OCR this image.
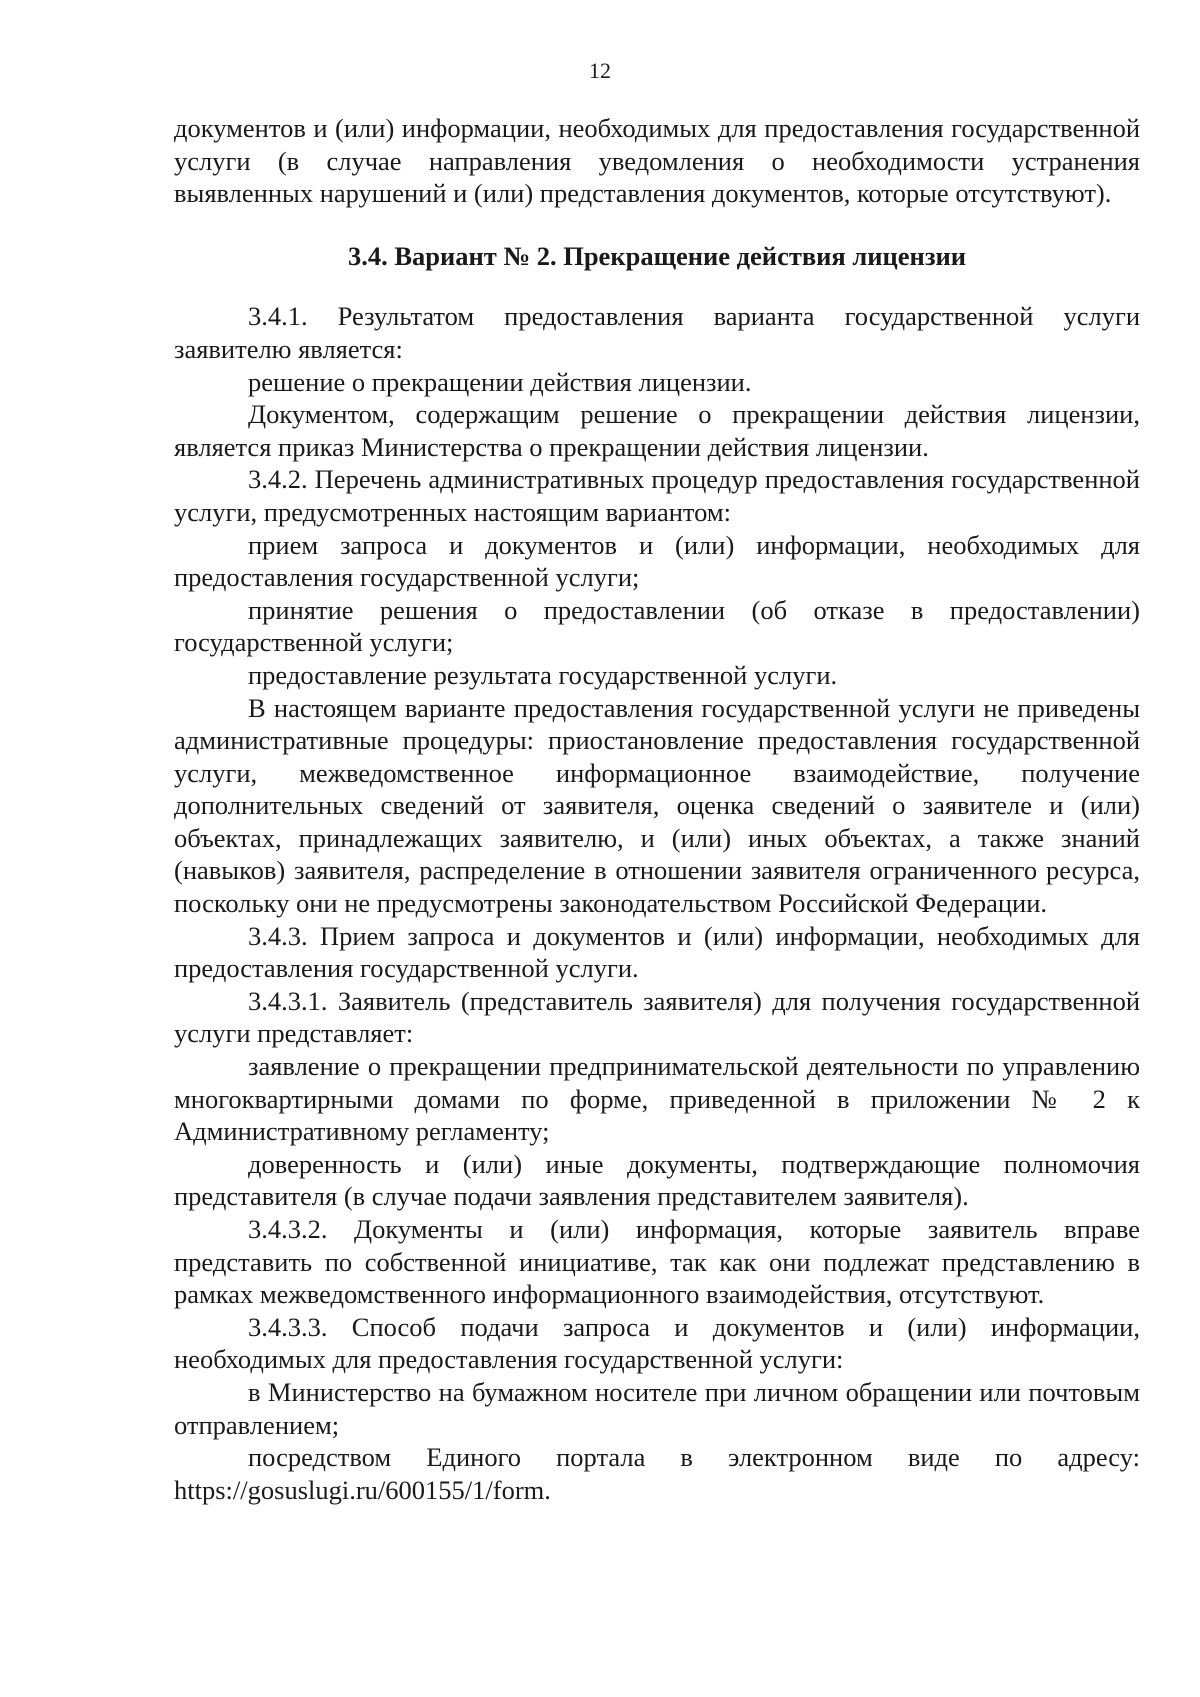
12

документов и (или) информации, необходимых для предоставления государственной услуги (в случае направления уведомления о необходимости устранения выявленных нарушений и (или) представления документов, которые отсутствуют).

3.4. Вариант № 2. Прекращение действия лицензии

3.4.1. Результатом предоставления варианта государственной услуги заявителю является:

решение о прекращении действия лицензии.

Документом, содержащим решение о прекращении действия лицензии, является приказ Министерства о прекращении действия лицензии.

3.4.2. Перечень административных процедур предоставления государственной услуги, предусмотренных настоящим вариантом:

прием запроса и документов и (или) информации, необходимых для предоставления государственной услуги;

принятие решения о предоставлении (об отказе в предоставлении) государственной услуги;

предоставление результата государственной услуги.

В настоящем варианте предоставления государственной услуги не приведены административные процедуры: приостановление предоставления государственной услуги, межведомственное информационное взаимодействие, получение дополнительных сведений от заявителя, оценка сведений о заявителе и (или) объектах, принадлежащих заявителю, и (или) иных объектах, а также знаний (навыков) заявителя, распределение в отношении заявителя ограниченного ресурса, поскольку они не предусмотрены законодательством Российской Федерации.

3.4.3. Прием запроса и документов и (или) информации, необходимых для предоставления государственной услуги.

3.4.3.1. Заявитель (представитель заявителя) для получения государственной услуги представляет:

заявление о прекращении предпринимательской деятельности по управлению многоквартирными домами по форме, приведенной в приложении № 2 к Административному регламенту;

доверенность и (или) иные документы, подтверждающие полномочия представителя (в случае подачи заявления представителем заявителя).

3.4.3.2. Документы и (или) информация, которые заявитель вправе представить по собственной инициативе, так как они подлежат представлению в рамках межведомственного информационного взаимодействия, отсутствуют.

3.4.3.3. Способ подачи запроса и документов и (или) информации, необходимых для предоставления государственной услуги:

в Министерство на бумажном носителе при личном обращении или почтовым отправлением;

посредством Единого портала в электронном виде по адресу: https://gosuslugi.ru/600155/1/form.
